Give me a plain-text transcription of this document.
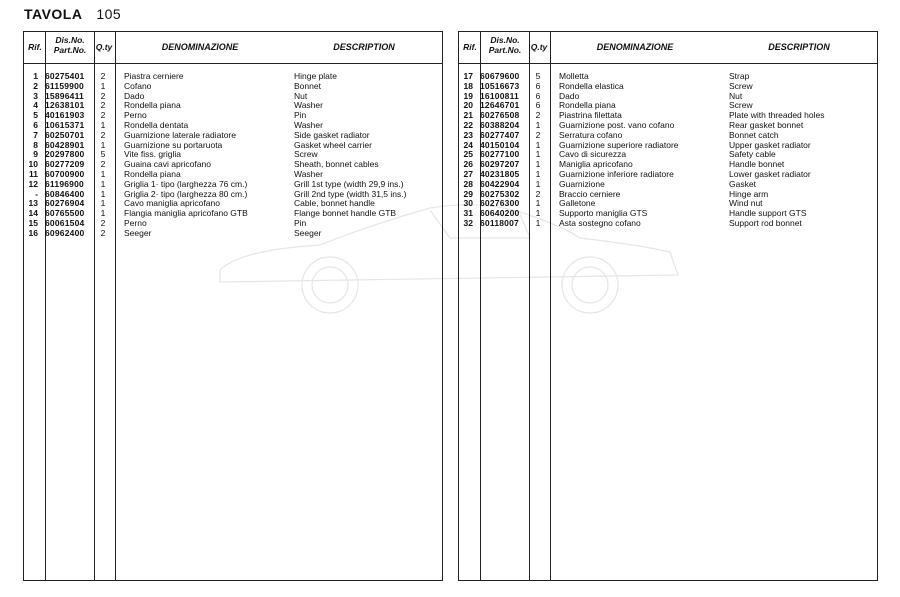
TAVOLA 105
Rif.
Dis.No.
Part.No.	Q.ty	DENOMINAZIONE	DESCRIPTION
1 60275401	2	Piastra cerniere	Hinge plate
2 61159900	1	Cofano	Bonnet
3 15896411	2	Dado	Nut
4 12638101	2	Rondella piana	Washer
5 40161903	2	Perno	Pin
6 10615371	1	Rondella dentata	Washer
7 60250701	2	Guarnizione laterale radiatore	Side gasket radiator
8 60428901	1	Guarnizione su portaruota	Gasket wheel carrier
9 20297800	5	Vite fiss. griglia	Screw
10 60277209	2	Guaina cavi apricofano	Sheath, bonnet cables
11 60700900	1	Rondella piana	Washer
12 61196900	1	Griglia 1· tipo (larghezza 76 cm.)	Grill 1st type (width 29,9 ins.)
- 60846400	1	Griglia 2· tipo (larghezza 80 cm.)	Grill 2nd type (width 31,5 ins.)
13 60276904	1	Cavo maniglia apricofano	Cable, bonnet handle
14 60765500	1	Flangia maniglia apricofano GTB	Flange bonnet handle GTB
15 60061504	2	Perno	Pin
16 60962400	2	Seeger	Seeger
Rif.
Dis.No.
Part.No.	Q.ty	DENOMINAZIONE	DESCRIPTION
17 60679600	5	Molletta	Strap
18 10516673	6	Rondella elastica	Screw
19 16100811	6	Dado	Nut
20 12646701	6	Rondella piana	Screw
21 60276508	2	Piastrina filettata	Plate with threaded holes
22 60388204	1	Guarnizione post. vano cofano	Rear gasket bonnet
23 60277407	2	Serratura cofano	Bonnet catch
24 40150104	1	Guarnizione superiore radiatore	Upper gasket radiator
25 60277100	1	Cavo di sicurezza	Safety cable
26 60297207	1	Maniglia apricofano	Handle bonnet
27 40231805	1	Guarnizione inferiore radiatore	Lower gasket radiator
28 60422904	1	Guarnizione	Gasket
29 60275302	2	Braccio cerniere	Hinge arm
30 60276300	1	Galletone	Wind nut
31 60640200	1	Supporto maniglia GTS	Handle support GTS
32 60118007	1	Asta sostegno cofano	Support rod bonnet
